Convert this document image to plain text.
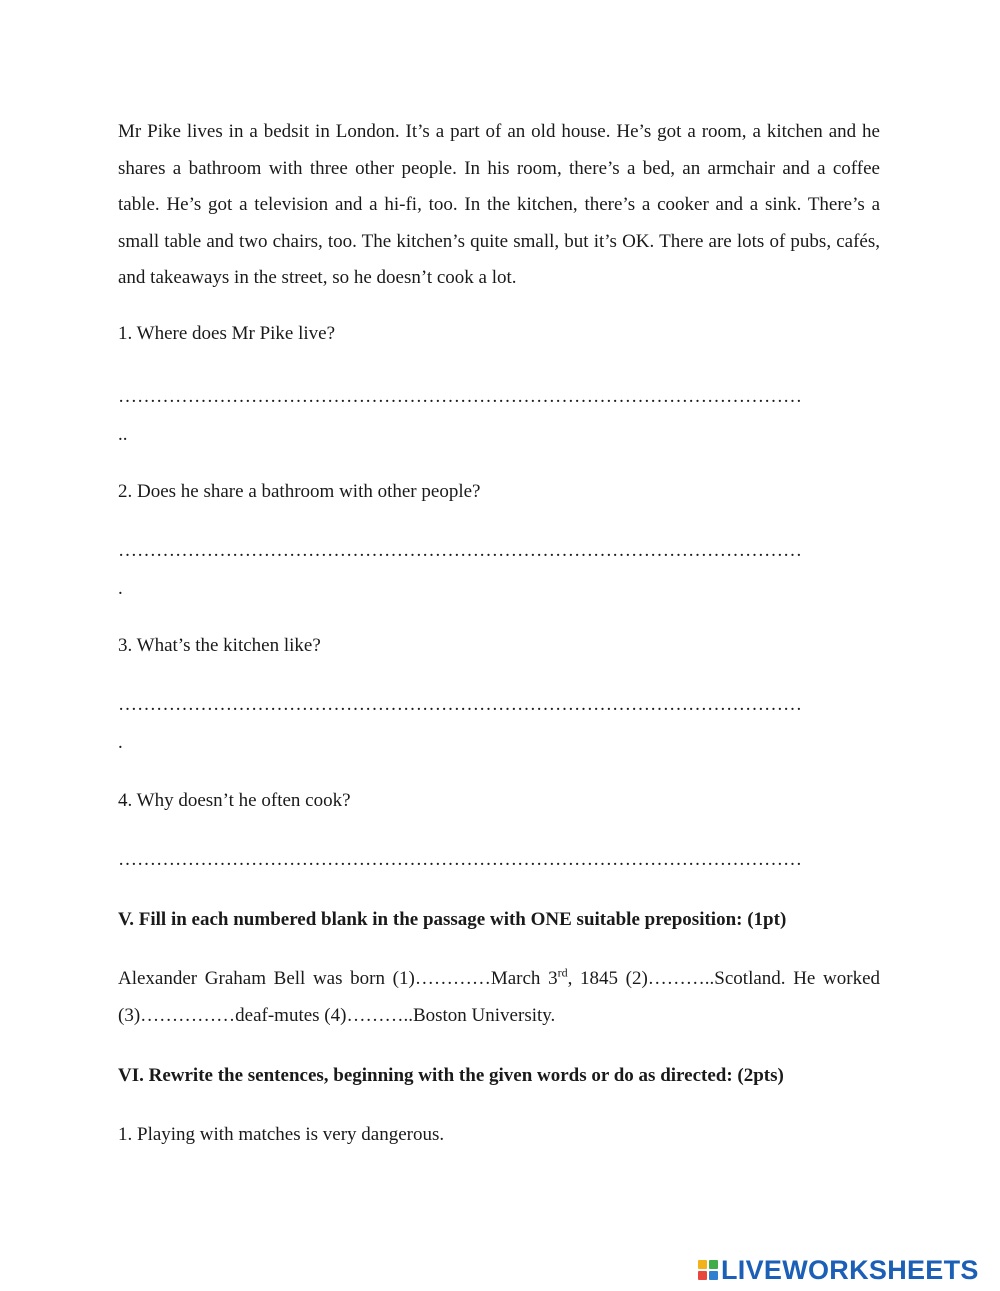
Mr Pike lives in a bedsit in London. It’s a part of an old house. He’s got a room, a kitchen and he shares a bathroom with three other people. In his room, there’s a bed, an armchair and a coffee table. He’s got a television and a hi-fi, too. In the kitchen, there’s a cooker and a sink. There’s a small table and two chairs, too. The kitchen’s quite small, but it’s OK. There are lots of pubs, cafés, and takeaways in the street, so he doesn’t cook a lot.

1. Where does Mr Pike live?
………………………………………………………………………………………………
..
2. Does he share a bathroom with other people?
………………………………………………………………………………………………
.
3. What’s the kitchen like?
………………………………………………………………………………………………
.
4. Why doesn’t he often cook?
………………………………………………………………………………………………
V. Fill in each numbered blank in the passage with ONE suitable preposition: (1pt)

Alexander Graham Bell was born (1)…………March 3rd, 1845 (2)………..Scotland. He worked (3)……………deaf-mutes (4)………..Boston University.

VI. Rewrite the sentences, beginning with the given words or do as directed: (2pts)
1. Playing with matches is very dangerous.
LIVEWORKSHEETS
